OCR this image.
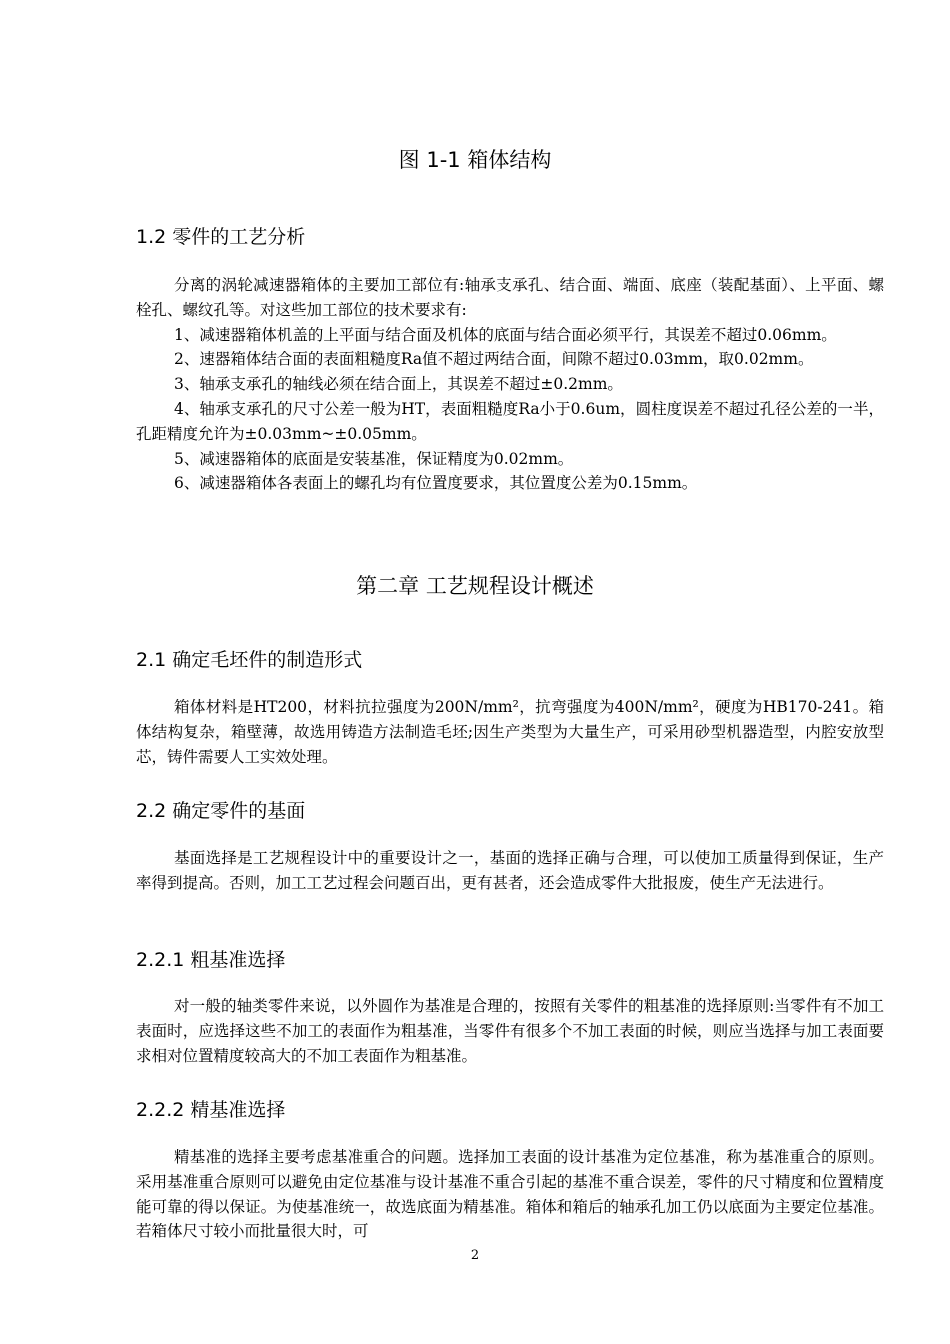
图 1-1 箱体结构
1.2 零件的工艺分析

分离的涡轮减速器箱体的主要加工部位有:轴承支承孔、结合面、端面、底座（装配基面）、上平面、螺栓孔、螺纹孔等。对这些加工部位的技术要求有:

1、减速器箱体机盖的上平面与结合面及机体的底面与结合面必须平行，其误差不超过0.06mm。

2、速器箱体结合面的表面粗糙度Ra值不超过两结合面，间隙不超过0.03mm，取0.02mm。

3、轴承支承孔的轴线必须在结合面上，其误差不超过±0.2mm。

4、轴承支承孔的尺寸公差一般为HT，表面粗糙度Ra小于0.6um，圆柱度误差不超过孔径公差的一半，孔距精度允许为±0.03mm~±0.05mm。

5、减速器箱体的底面是安装基准，保证精度为0.02mm。

6、减速器箱体各表面上的螺孔均有位置度要求，其位置度公差为0.15mm。

第二章 工艺规程设计概述
2.1 确定毛坯件的制造形式

箱体材料是HT200，材料抗拉强度为200N/mm²，抗弯强度为400N/mm²，硬度为HB170-241。箱体结构复杂，箱壁薄，故选用铸造方法制造毛坯;因生产类型为大量生产，可采用砂型机器造型，内腔安放型芯，铸件需要人工实效处理。

2.2 确定零件的基面

基面选择是工艺规程设计中的重要设计之一，基面的选择正确与合理，可以使加工质量得到保证，生产率得到提高。否则，加工工艺过程会问题百出，更有甚者，还会造成零件大批报废，使生产无法进行。

2.2.1 粗基准选择

对一般的轴类零件来说，以外圆作为基准是合理的，按照有关零件的粗基准的选择原则:当零件有不加工表面时，应选择这些不加工的表面作为粗基准，当零件有很多个不加工表面的时候，则应当选择与加工表面要求相对位置精度较高大的不加工表面作为粗基准。

2.2.2 精基准选择

精基准的选择主要考虑基准重合的问题。选择加工表面的设计基准为定位基准，称为基准重合的原则。采用基准重合原则可以避免由定位基准与设计基准不重合引起的基准不重合误差，零件的尺寸精度和位置精度能可靠的得以保证。为使基准统一，故选底面为精基准。箱体和箱后的轴承孔加工仍以底面为主要定位基准。若箱体尺寸较小而批量很大时，可

2
